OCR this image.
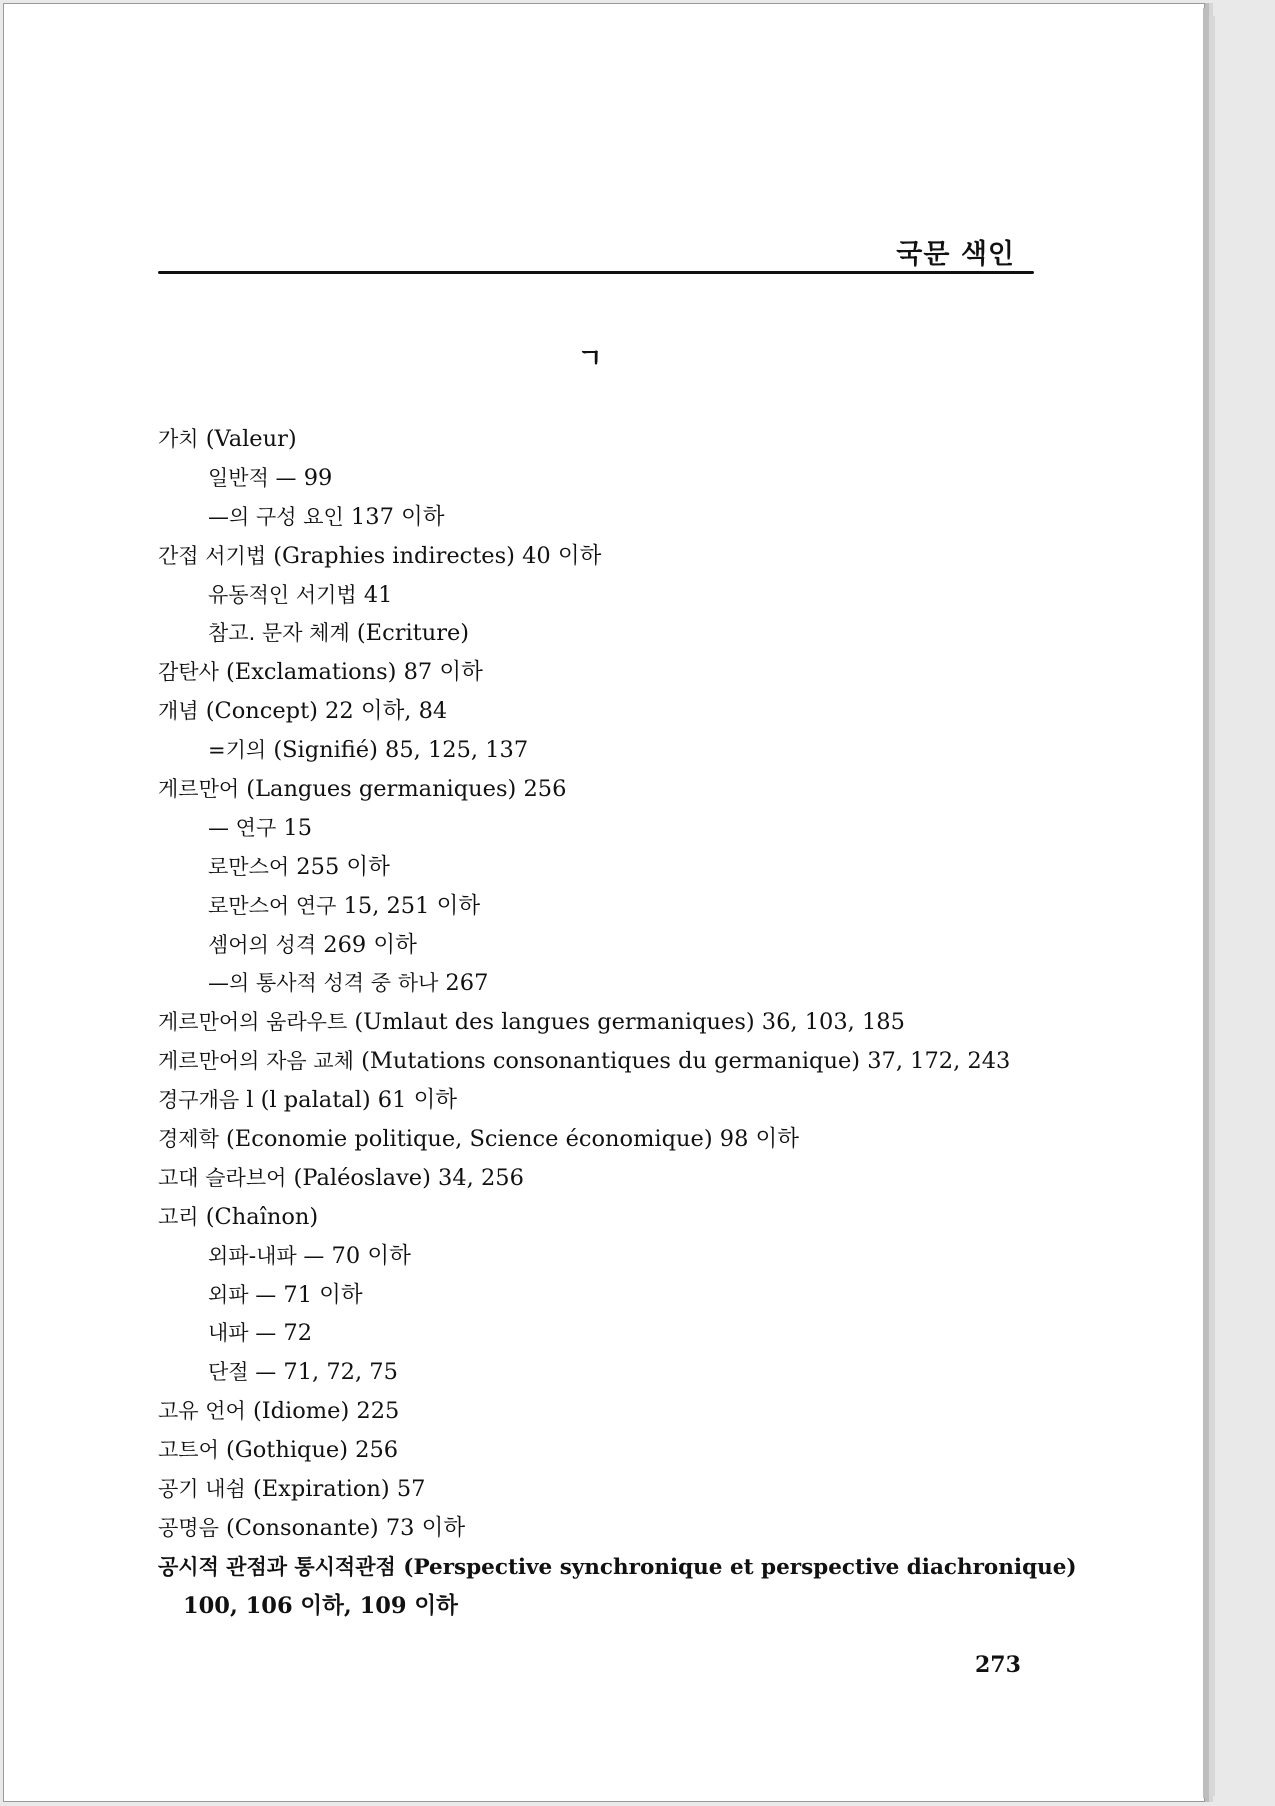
국문 색인
ㄱ
가치 (Valeur)
일반적 — 99
—의 구성 요인 137 이하
간접 서기법 (Graphies indirectes) 40 이하
유동적인 서기법 41
참고. 문자 체계 (Ecriture)
감탄사 (Exclamations) 87 이하
개념 (Concept) 22 이하, 84
=기의 (Signifié) 85, 125, 137
게르만어 (Langues germaniques) 256
— 연구 15
로만스어 255 이하
로만스어 연구 15, 251 이하
셈어의 성격 269 이하
—의 통사적 성격 중 하나 267
게르만어의 움라우트 (Umlaut des langues germaniques) 36, 103, 185
게르만어의 자음 교체 (Mutations consonantiques du germanique) 37, 172, 243
경구개음 l (l palatal) 61 이하
경제학 (Economie politique, Science économique) 98 이하
고대 슬라브어 (Paléoslave) 34, 256
고리 (Chaînon)
외파-내파 — 70 이하
외파 — 71 이하
내파 — 72
단절 — 71, 72, 75
고유 언어 (Idiome) 225
고트어 (Gothique) 256
공기 내쉼 (Expiration) 57
공명음 (Consonante) 73 이하
공시적 관점과 통시적관점 (Perspective synchronique et perspective diachronique)
100, 106 이하, 109 이하
273
